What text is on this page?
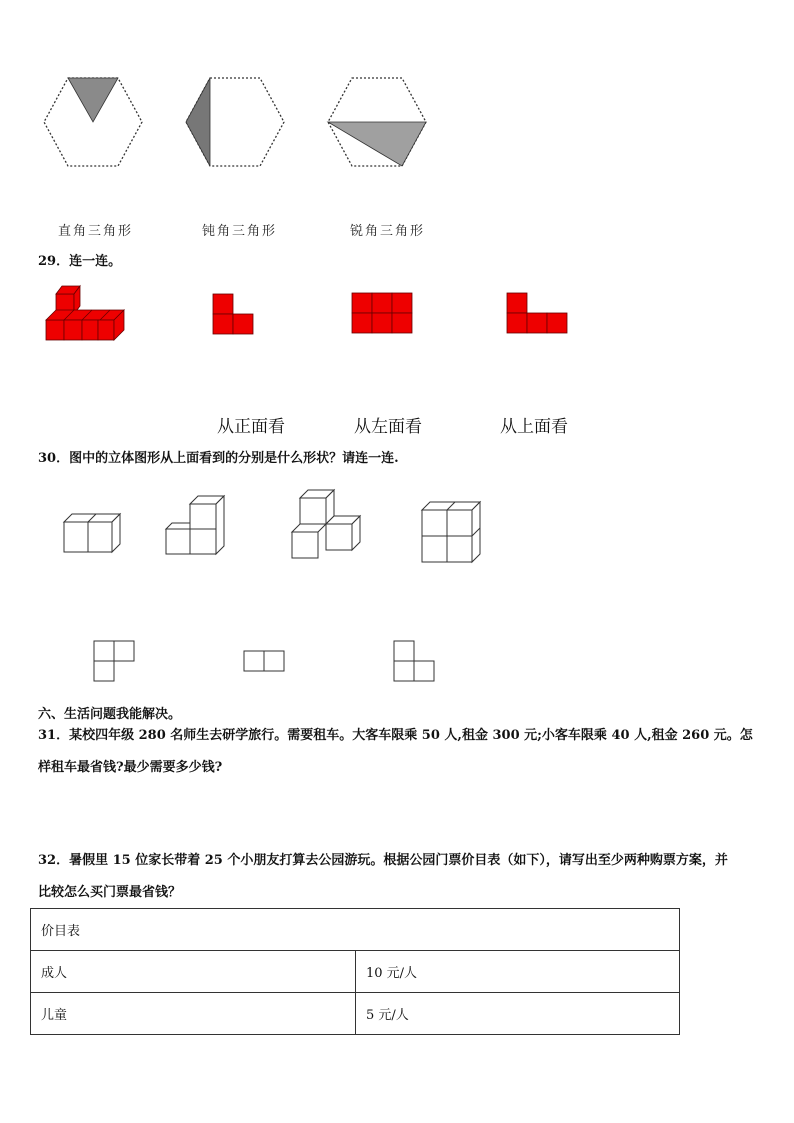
直角三角形	钝角三角形	锐角三角形
29．连一连。
从正面看	从左面看	从上面看
30．图中的立体图形从上面看到的分别是什么形状？请连一连.
六、生活问题我能解决。
31．某校四年级 280 名师生去研学旅行。需要租车。大客车限乘 50 人,租金 300 元;小客车限乘 40 人,租金 260 元。怎
样租车最省钱?最少需要多少钱?
32．暑假里 15 位家长带着 25 个小朋友打算去公园游玩。根据公园门票价目表（如下），请写出至少两种购票方案，并
比较怎么买门票最省钱？
价目表	
成人	10 元/人
儿童	5 元/人
